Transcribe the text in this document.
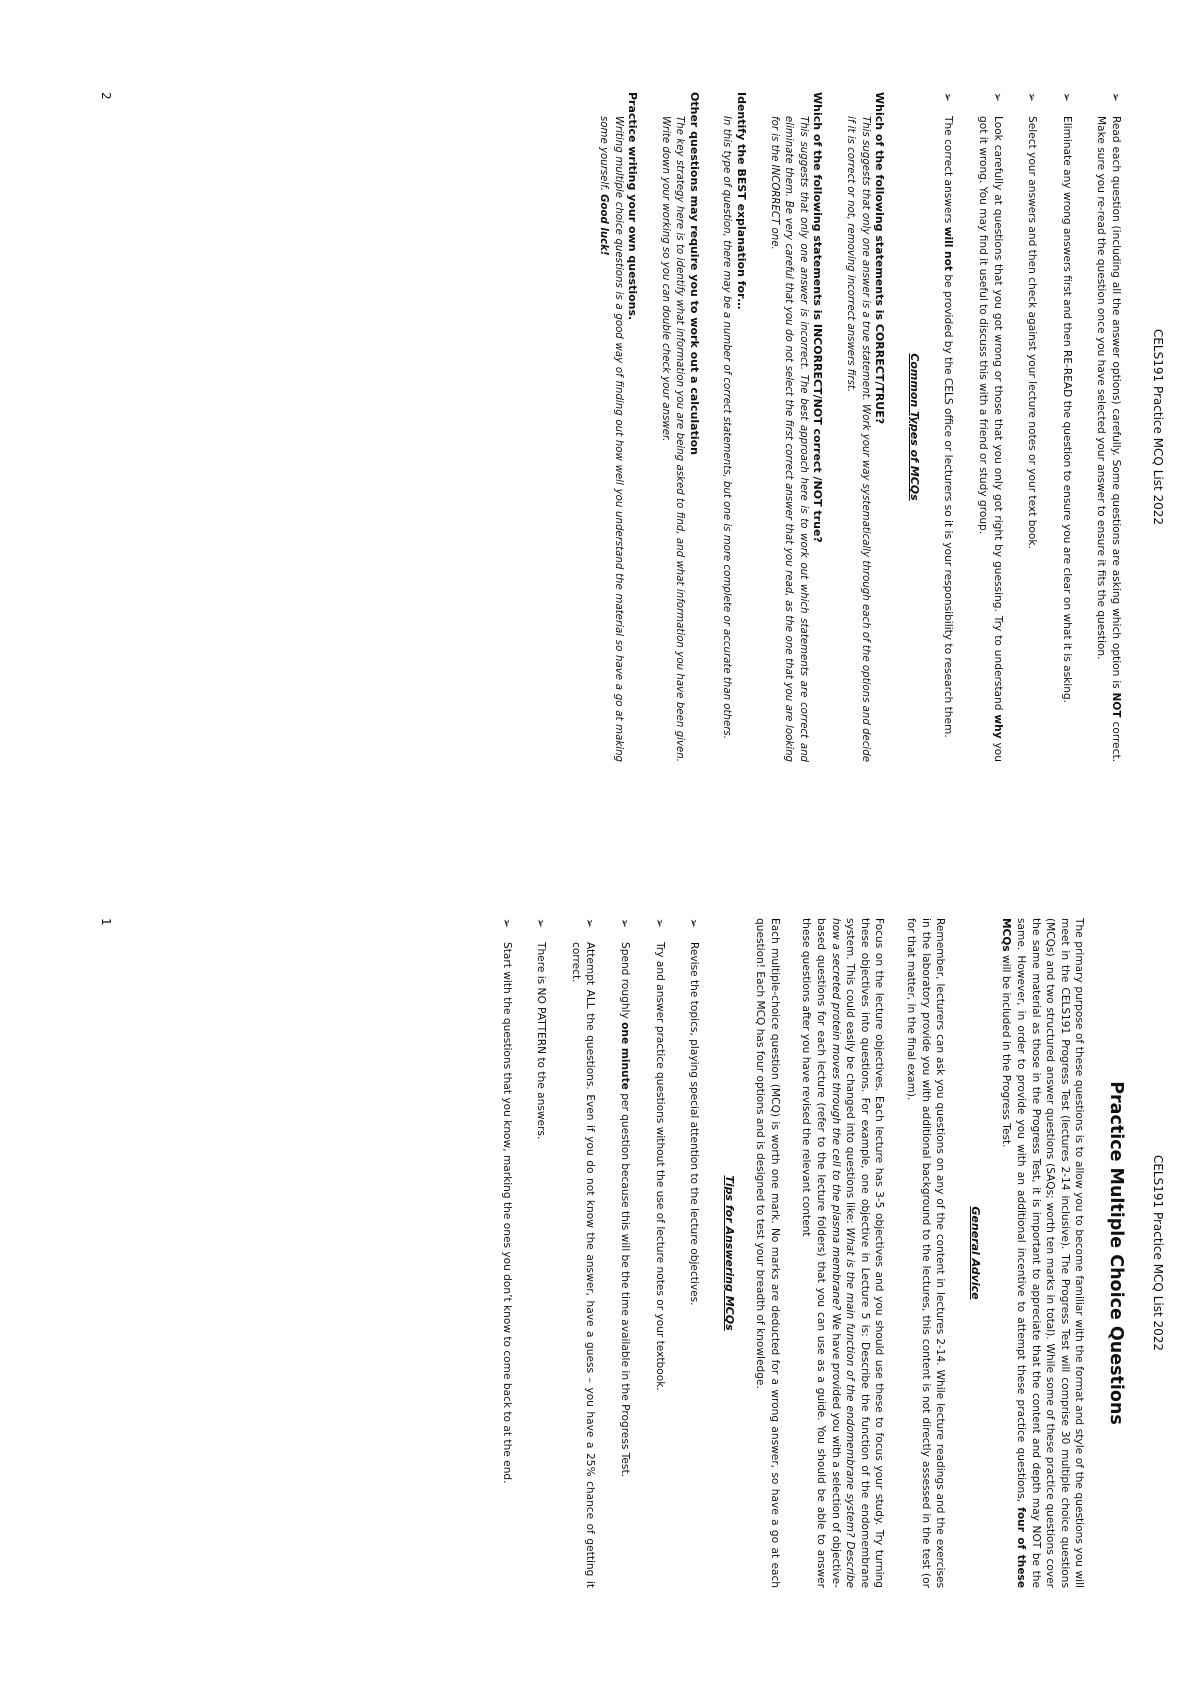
CELS191 Practice MCQ List 2022
Practice Multiple Choice Questions

The primary purpose of these questions is to allow you to become familiar with the format and style of the questions you will meet in the CELS191 Progress Test (lectures 2-14 inclusive). The Progress Test will comprise 30 multiple choice questions (MCQs) and two structured answer questions (SAQs; worth ten marks in total). While some of these practice questions cover the same material as those in the Progress Test, it is important to appreciate that the content and depth may NOT be the same. However, in order to provide you with an additional incentive to attempt these practice questions, four of these MCQs will be included in the Progress Test.

General Advice

Remember, lecturers can ask you questions on any of the content in lectures 2-14. While lecture readings and the exercises in the laboratory provide you with additional background to the lectures, this content is not directly assessed in the test (or for that matter, in the final exam).

Focus on the lecture objectives. Each lecture has 3-5 objectives and you should use these to focus your study. Try turning these objectives into questions. For example, one objective in Lecture 5 is: Describe the function of the endomembrane system. This could easily be changed into questions like: What is the main function of the endomembrane system? Describe how a secreted protein moves through the cell to the plasma membrane? We have provided you with a selection of objective-based questions for each lecture (refer to the lecture folders) that you can use as a guide. You should be able to answer these questions after you have revised the relevant content

Each multiple-choice question (MCQ) is worth one mark. No marks are deducted for a wrong answer, so have a go at each question! Each MCQ has four options and is designed to test your breadth of knowledge.

Tips for Answering MCQs
➢
Revise the topics, playing special attention to the lecture objectives.
➢
Try and answer practice questions without the use of lecture notes or your textbook.
➢
Spend roughly one minute per question because this will be the time available in the Progress Test.
➢
Attempt ALL the questions. Even if you do not know the answer, have a guess – you have a 25% chance of getting it correct.
➢
There is NO PATTERN to the answers.
➢
Start with the questions that you know, marking the ones you don’t know to come back to at the end.
1
CELS191 Practice MCQ List 2022
➢
Read each question (including all the answer options) carefully. Some questions are asking which option is NOT correct. Make sure you re-read the question once you have selected your answer to ensure it fits the question.
➢
Eliminate any wrong answers first and then RE-READ the question to ensure you are clear on what it is asking.
➢
Select your answers and then check against your lecture notes or your text book.
➢
Look carefully at questions that you got wrong or those that you only got right by guessing. Try to understand why you got it wrong. You may find it useful to discuss this with a friend or study group.
➢
The correct answers will not be provided by the CELS office or lecturers so it is your responsibility to research them.
Common Types of MCQs
Which of the following statements is CORRECT/TRUE?
This suggests that only one answer is a true statement. Work your way systematically through each of the options and decide if it is correct or not, removing incorrect answers first.
Which of the following statements is INCORRECT/NOT correct /NOT true?
This suggests that only one answer is incorrect. The best approach here is to work out which statements are correct and eliminate them. Be very careful that you do not select the first correct answer that you read, as the one that you are looking for is the INCORRECT one.
Identify the BEST explanation for…
In this type of question, there may be a number of correct statements, but one is more complete or accurate than others.
Other questions may require you to work out a calculation
The key strategy here is to identify what information you are being asked to find, and what information you have been given. Write down your working so you can double check your answer.
Practice writing your own questions.
Writing multiple choice questions is a good way of finding out how well you understand the material so have a go at making some yourself. Good luck!
2
